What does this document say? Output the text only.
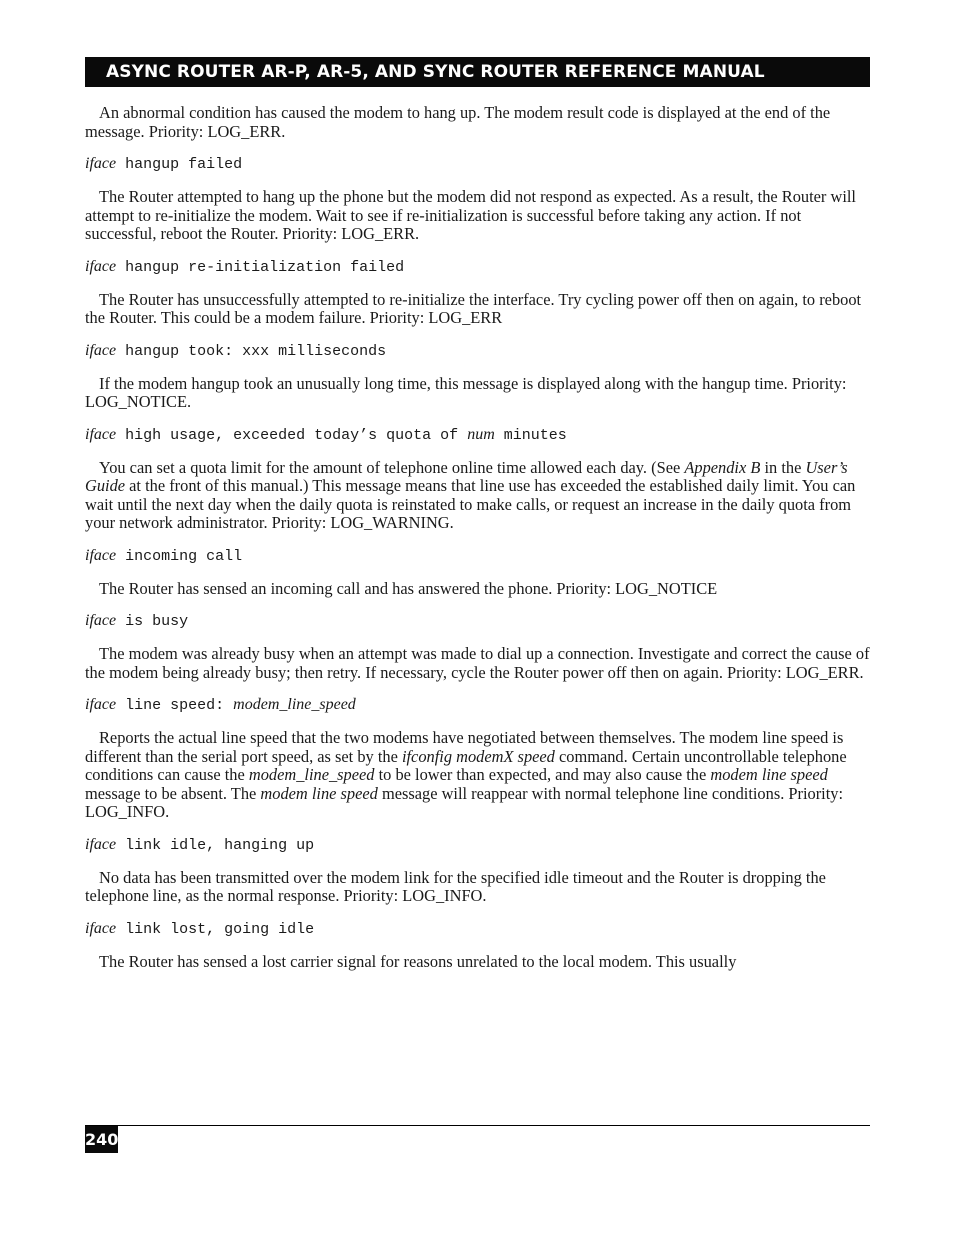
ASYNC ROUTER AR-P, AR-5, AND SYNC ROUTER REFERENCE MANUAL

An abnormal condition has caused the modem to hang up. The modem result code is displayed at the end of the message. Priority: LOG_ERR.

iface hangup failed

The Router attempted to hang up the phone but the modem did not respond as expected. As a result, the Router will attempt to re-initialize the modem. Wait to see if re-initialization is successful before taking any action. If not successful, reboot the Router. Priority: LOG_ERR.

iface hangup re-initialization failed

The Router has unsuccessfully attempted to re-initialize the interface. Try cycling power off then on again, to reboot the Router. This could be a modem failure. Priority: LOG_ERR

iface hangup took: xxx milliseconds

If the modem hangup took an unusually long time, this message is displayed along with the hangup time. Priority: LOG_NOTICE.

iface high usage, exceeded today’s quota of num minutes

You can set a quota limit for the amount of telephone online time allowed each day. (See Appendix B in the User’s Guide at the front of this manual.) This message means that line use has exceeded the established daily limit. You can wait until the next day when the daily quota is reinstated to make calls, or request an increase in the daily quota from your network administrator. Priority: LOG_WARNING.

iface incoming call

The Router has sensed an incoming call and has answered the phone. Priority: LOG_NOTICE

iface is busy

The modem was already busy when an attempt was made to dial up a connection. Investigate and correct the cause of the modem being already busy; then retry. If necessary, cycle the Router power off then on again. Priority: LOG_ERR.

iface line speed: modem_line_speed

Reports the actual line speed that the two modems have negotiated between themselves. The modem line speed is different than the serial port speed, as set by the ifconfig modemX speed command. Certain uncontrollable telephone conditions can cause the modem_line_speed to be lower than expected, and may also cause the modem line speed message to be absent. The modem line speed message will reappear with normal telephone line conditions. Priority: LOG_INFO.

iface link idle, hanging up

No data has been transmitted over the modem link for the specified idle timeout and the Router is dropping the telephone line, as the normal response. Priority: LOG_INFO.

iface link lost, going idle

The Router has sensed a lost carrier signal for reasons unrelated to the local modem. This usually

240
